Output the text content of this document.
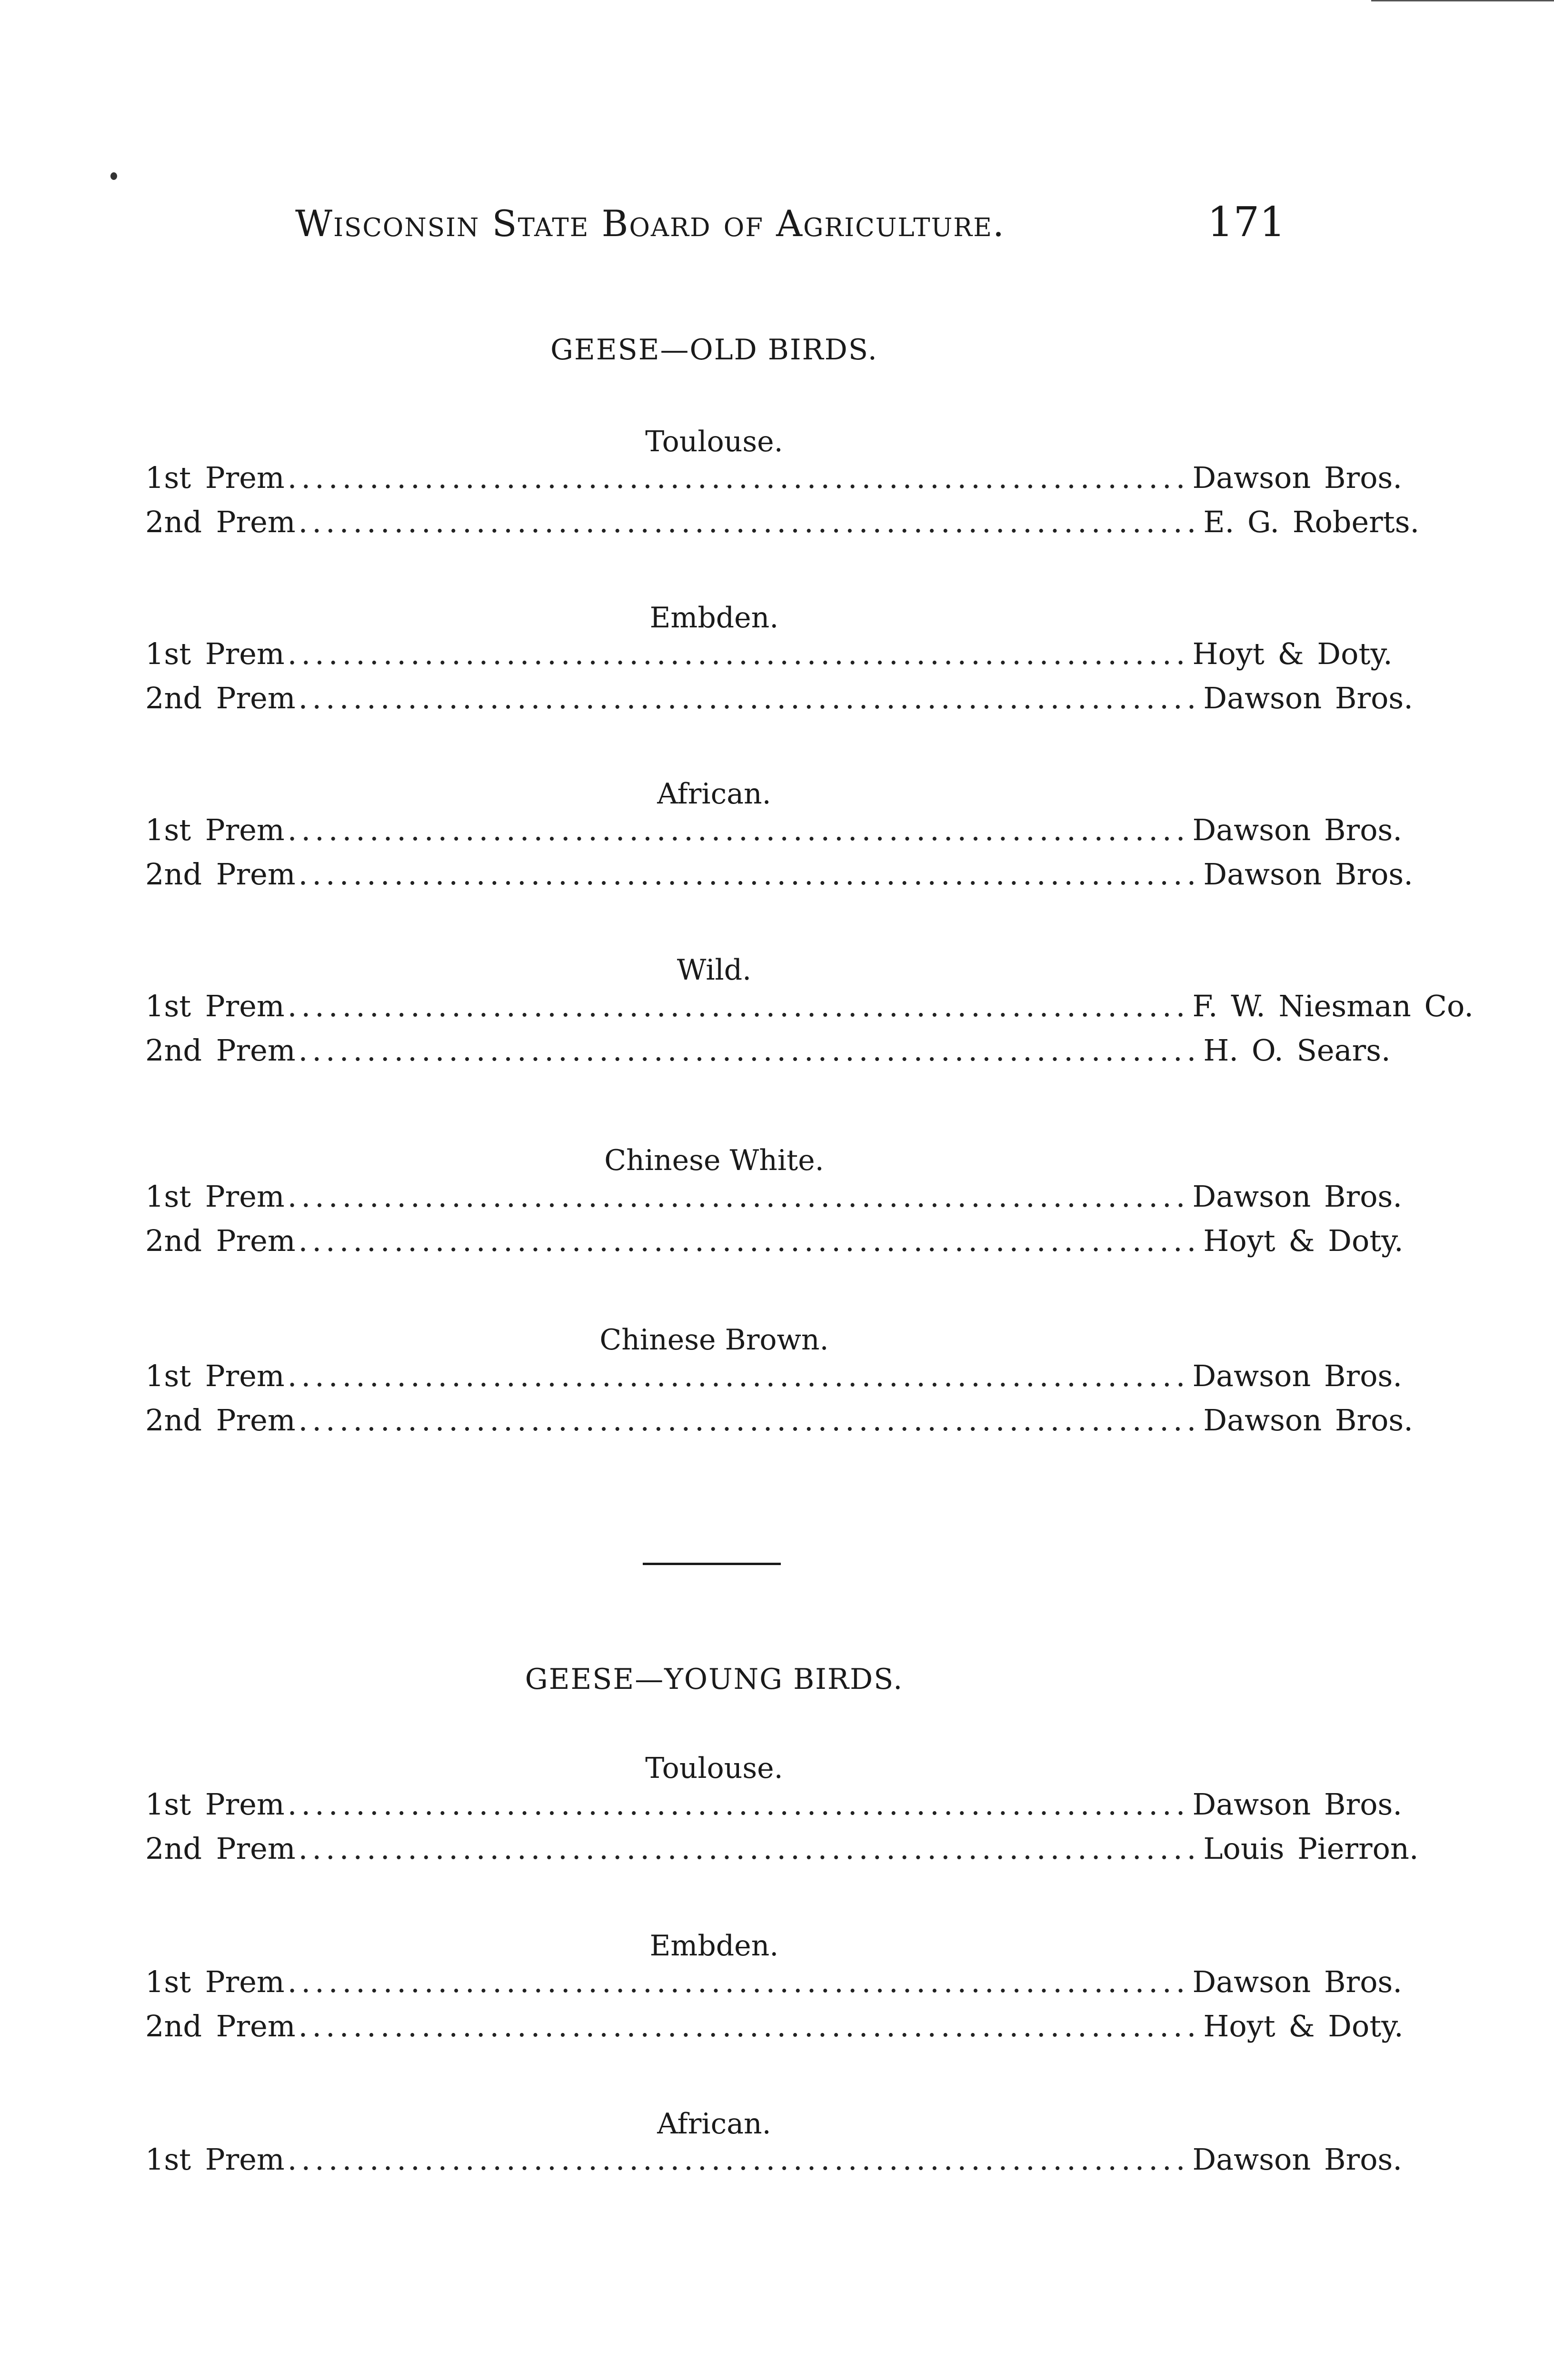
Wisconsin State Board of Agriculture.	171
GEESE—OLD BIRDS.
Toulouse.
1st Prem .................................................................. Dawson Bros.
2nd Prem .................................................................. E. G. Roberts.
Embden.
1st Prem .................................................................. Hoyt & Doty.
2nd Prem .................................................................. Dawson Bros.
African.
1st Prem .................................................................. Dawson Bros.
2nd Prem .................................................................. Dawson Bros.
Wild.
1st Prem .................................................................. F. W. Niesman Co.
2nd Prem .................................................................. H. O. Sears.
Chinese White.
1st Prem .................................................................. Dawson Bros.
2nd Prem .................................................................. Hoyt & Doty.
Chinese Brown.
1st Prem .................................................................. Dawson Bros.
2nd Prem .................................................................. Dawson Bros.
GEESE—YOUNG BIRDS.
Toulouse.
1st Prem .................................................................. Dawson Bros.
2nd Prem .................................................................. Louis Pierron.
Embden.
1st Prem .................................................................. Dawson Bros.
2nd Prem .................................................................. Hoyt & Doty.
African.
1st Prem .................................................................. Dawson Bros.
